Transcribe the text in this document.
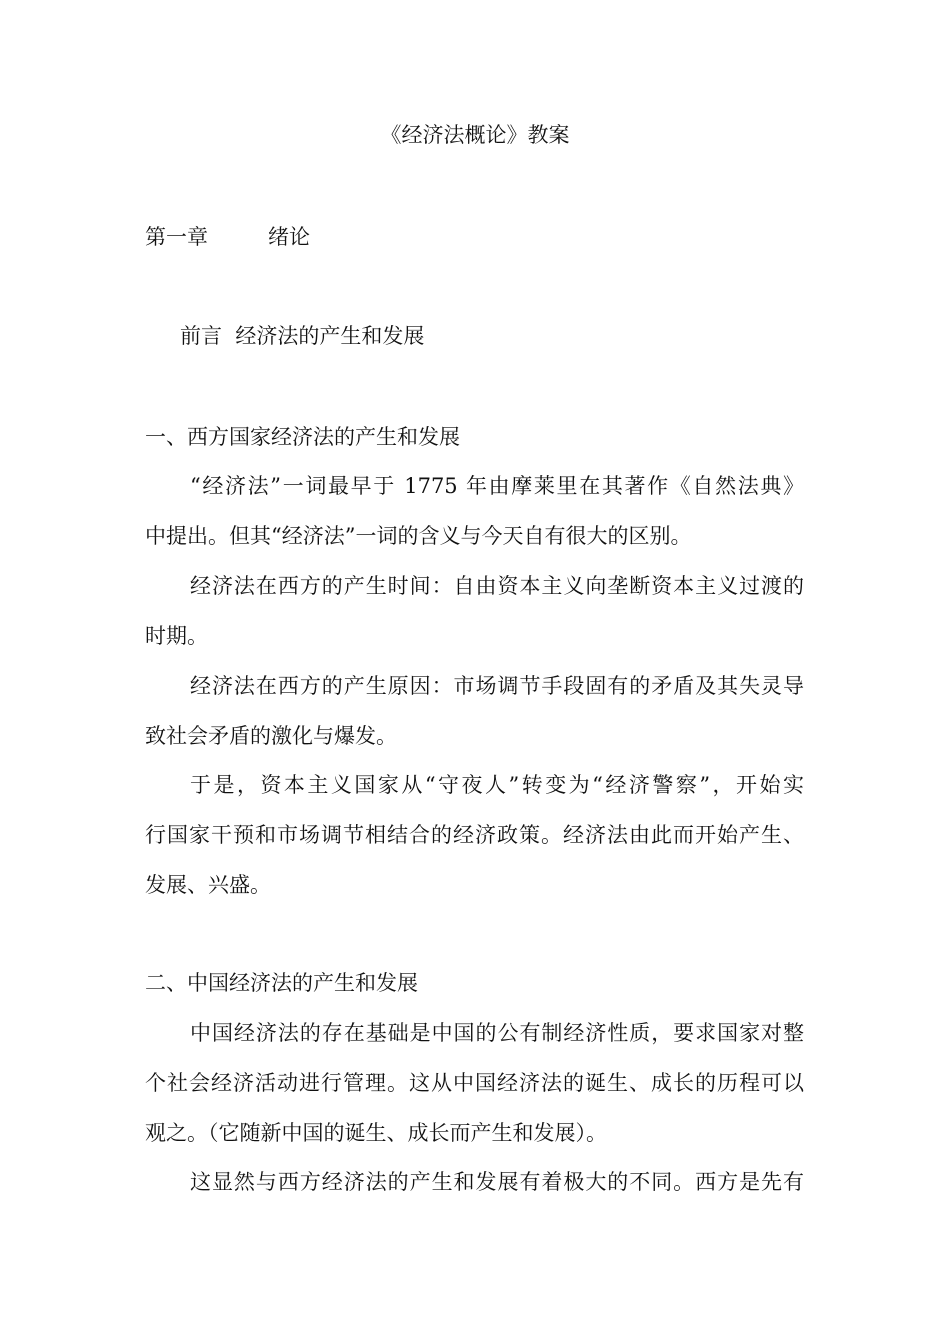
《经济法概论》教案

第一章	绪论

前言  经济法的产生和发展

一、西方国家经济法的产生和发展

“经济法”一词最早于 1775 年由摩莱里在其著作《自然法典》

中提出。但其“经济法”一词的含义与今天自有很大的区别。

经济法在西方的产生时间：自由资本主义向垄断资本主义过渡的

时期。

经济法在西方的产生原因：市场调节手段固有的矛盾及其失灵导

致社会矛盾的激化与爆发。

于是，资本主义国家从“守夜人”转变为“经济警察”，开始实

行国家干预和市场调节相结合的经济政策。经济法由此而开始产生、

发展、兴盛。

二、中国经济法的产生和发展

中国经济法的存在基础是中国的公有制经济性质，要求国家对整

个社会经济活动进行管理。这从中国经济法的诞生、成长的历程可以

观之。（它随新中国的诞生、成长而产生和发展）。

这显然与西方经济法的产生和发展有着极大的不同。西方是先有
